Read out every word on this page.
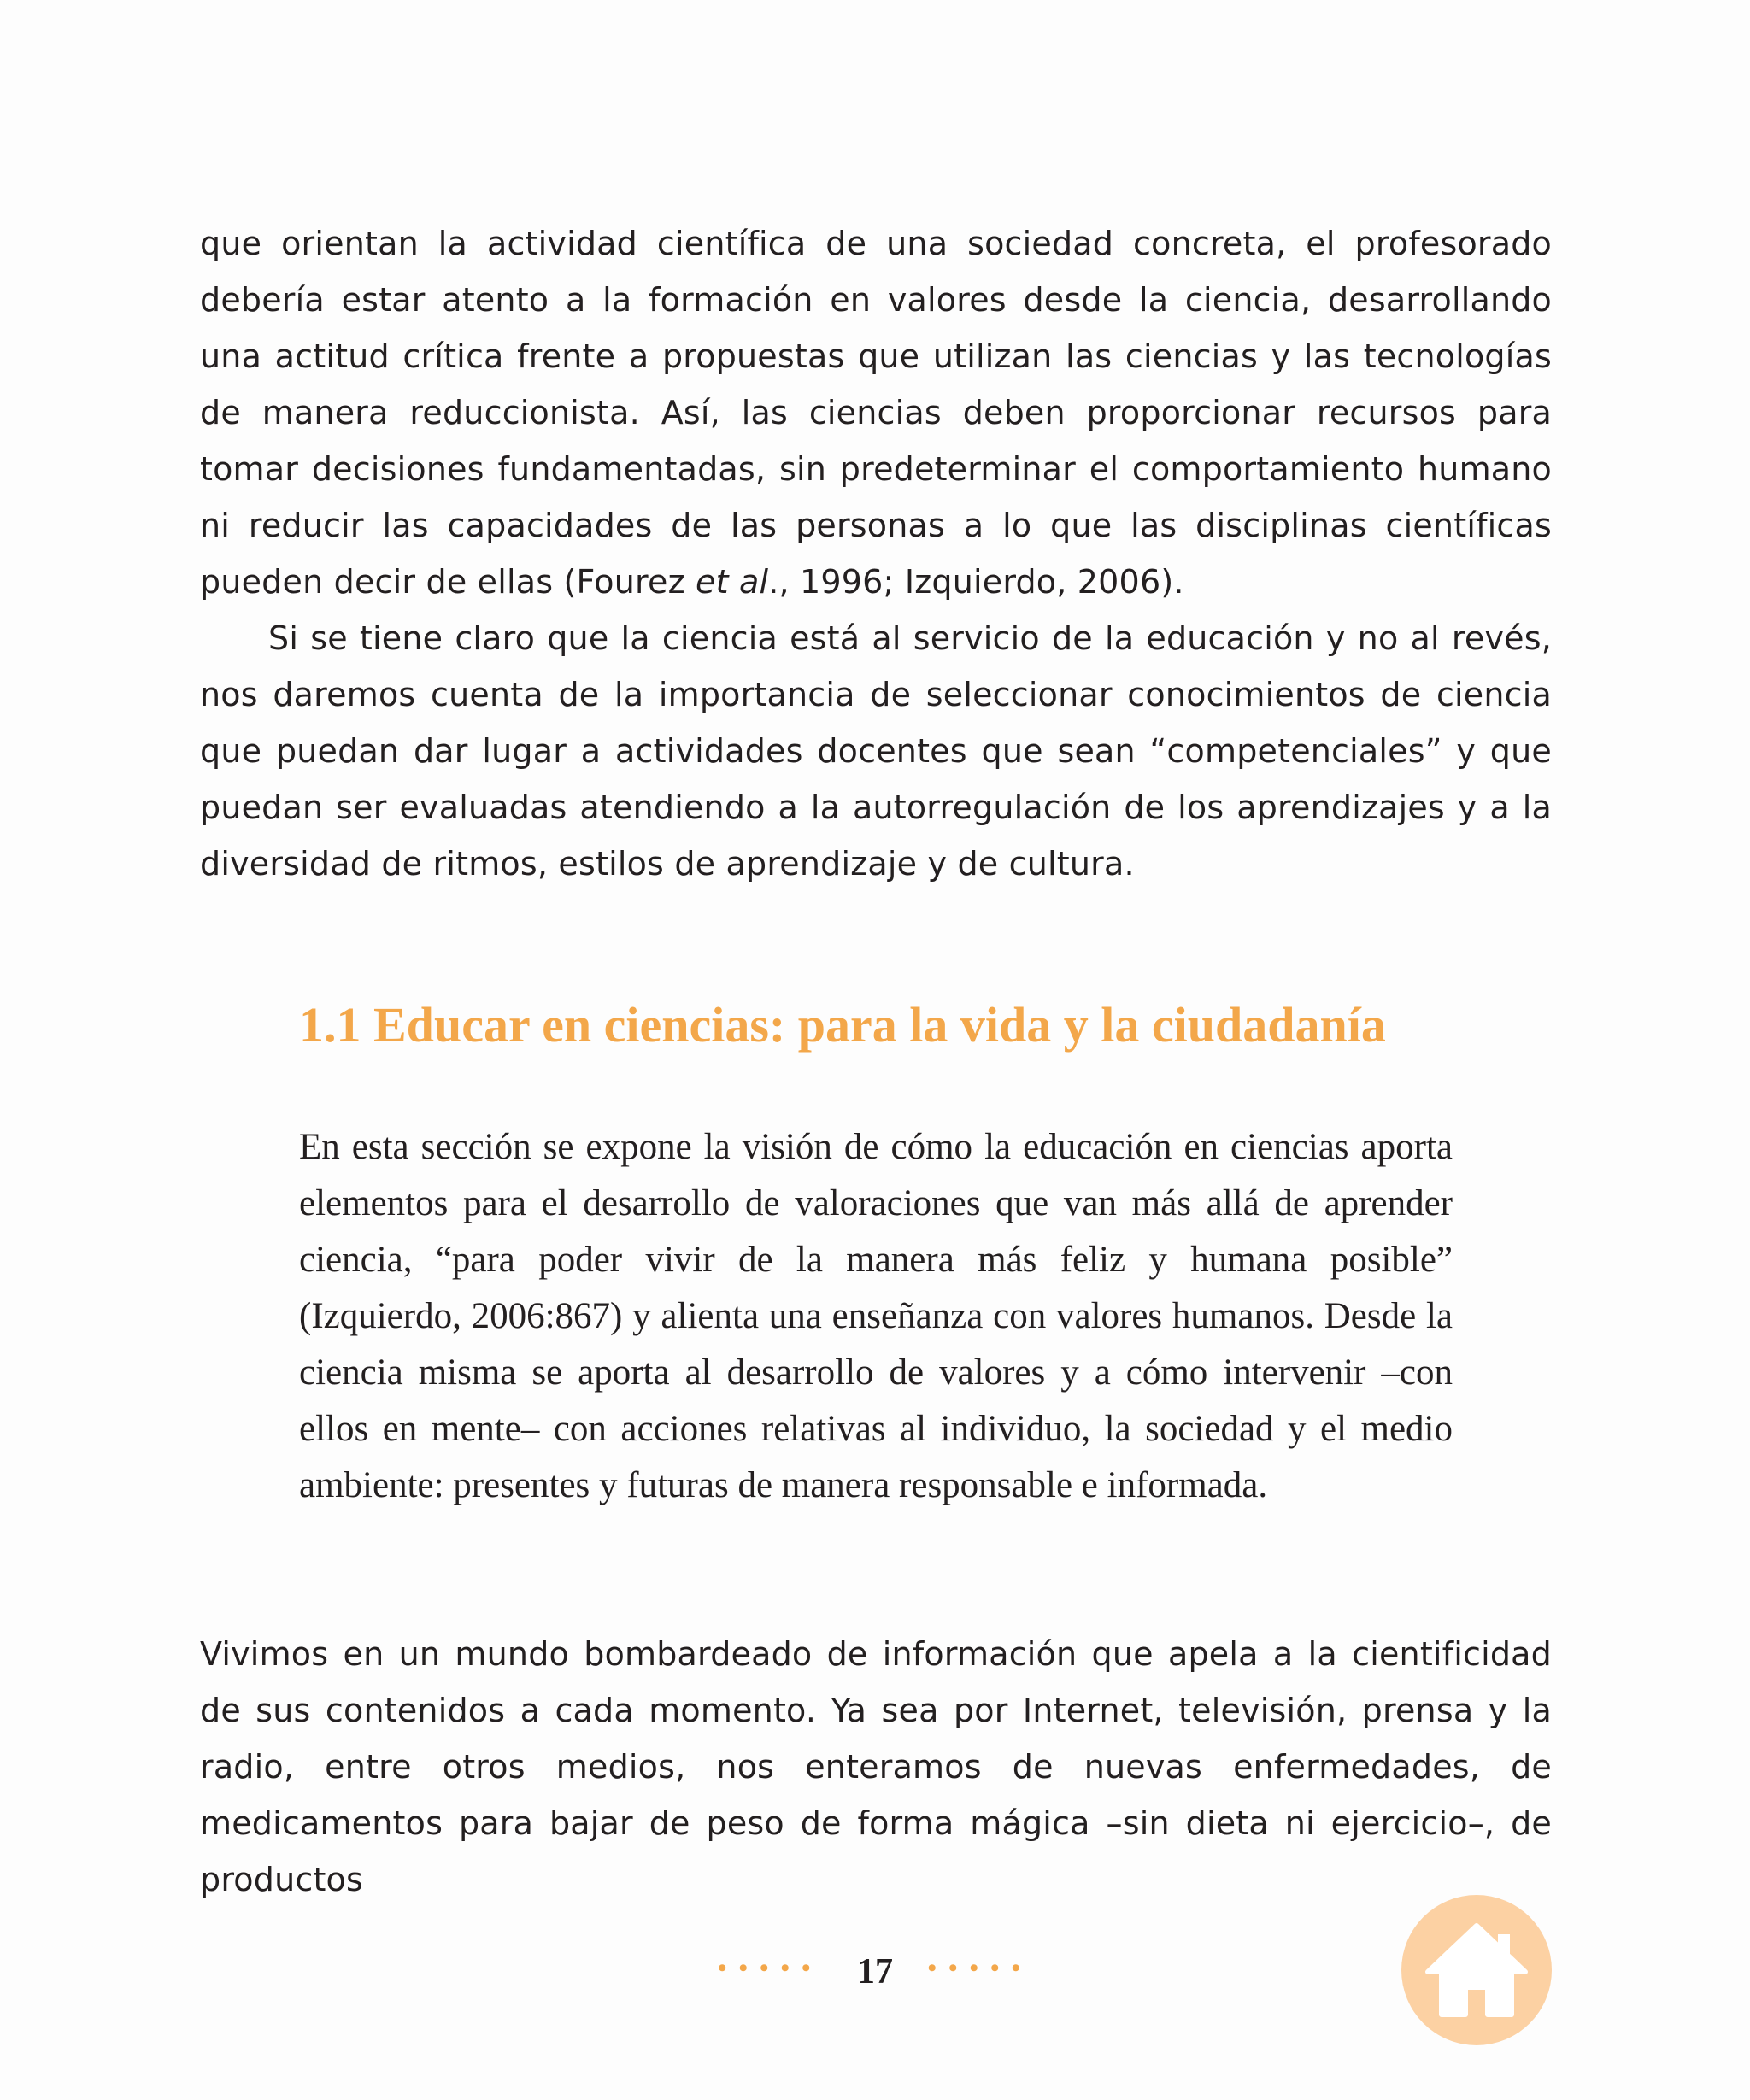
que orientan la actividad científica de una sociedad concreta, el profesorado debería estar atento a la formación en valores desde la ciencia, desarrollando una actitud crítica frente a propuestas que utilizan las ciencias y las tecnologías de manera reduccionista. Así, las ciencias deben proporcionar recursos para tomar decisiones fundamentadas, sin predeterminar el comportamiento humano ni reducir las capacidades de las personas a lo que las disciplinas científicas pueden decir de ellas (Fourez et al., 1996; Izquierdo, 2006).

Si se tiene claro que la ciencia está al servicio de la educación y no al revés, nos daremos cuenta de la importancia de seleccionar conocimientos de ciencia que puedan dar lugar a actividades docentes que sean “competenciales” y que puedan ser evaluadas atendiendo a la autorregulación de los aprendizajes y a la diversidad de ritmos, estilos de aprendizaje y de cultura.

1.1 Educar en ciencias: para la vida y la ciudadanía

En esta sección se expone la visión de cómo la educación en ciencias aporta elementos para el desarrollo de valoraciones que van más allá de aprender ciencia, “para poder vivir de la manera más feliz y humana posible” (Izquierdo, 2006:867) y alienta una enseñanza con valores humanos. Desde la ciencia misma se aporta al desarrollo de valores y a cómo intervenir –con ellos en mente– con acciones relativas al individuo, la sociedad y el medio ambiente: presentes y futuras de manera responsable e informada.

Vivimos en un mundo bombardeado de información que apela a la cientificidad de sus contenidos a cada momento. Ya sea por Internet, televisión, prensa y la radio, entre otros medios, nos enteramos de nuevas enfermedades, de medicamentos para bajar de peso de forma mágica –sin dieta ni ejercicio–, de productos

••••• 17 •••••
